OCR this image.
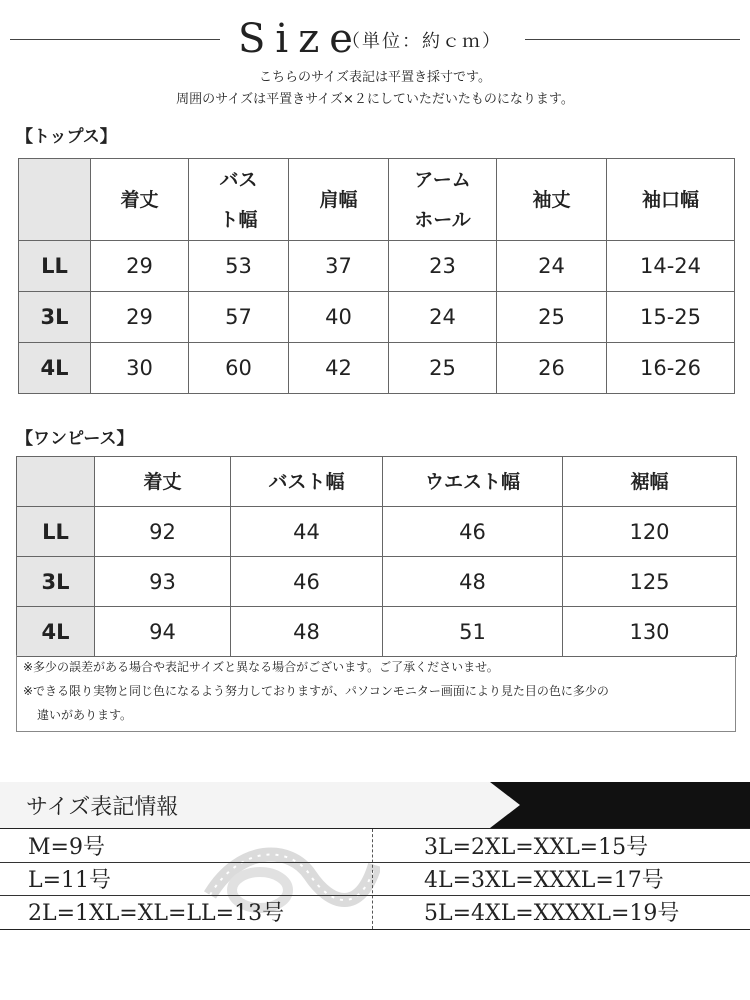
Size
（単位：約ｃｍ）
こちらのサイズ表記は平置き採寸です。
周囲のサイズは平置きサイズ×２にしていただいたものになります。
【トップス】
	着丈	バスト幅	肩幅	アームホール	袖丈	袖口幅
LL	29	53	37	23	24	14-24
3L	29	57	40	24	25	15-25
4L	30	60	42	25	26	16-26
【ワンピース】
	着丈	バスト幅	ウエスト幅	裾幅
LL	92	44	46	120
3L	93	46	48	125
4L	94	48	51	130
※多少の誤差がある場合や表記サイズと異なる場合がございます。ご了承くださいませ。
※できる限り実物と同じ色になるよう努力しておりますが、パソコンモニター画面により見た目の色に多少の
違いがあります。
サイズ表記情報
M=9号	3L=2XL=XXL=15号
L=11号	4L=3XL=XXXL=17号
2L=1XL=XL=LL=13号	5L=4XL=XXXXL=19号
